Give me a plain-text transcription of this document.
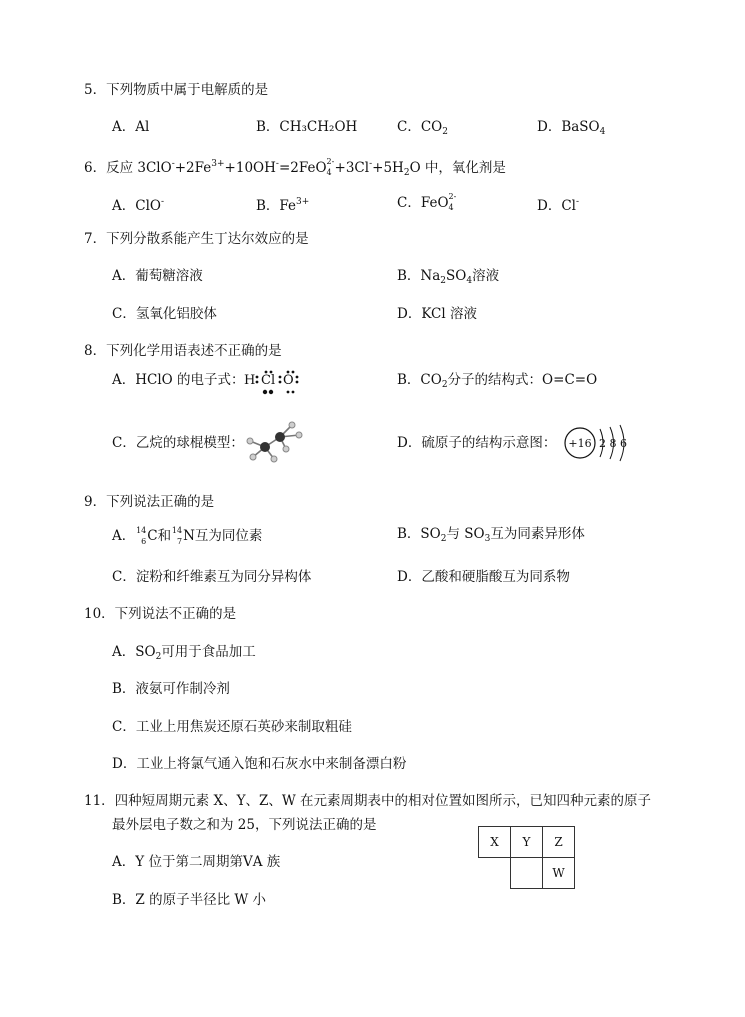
5．下列物质中属于电解质的是
A．Al	B．CH₃CH₂OH	C．$CO_2$	D．BaSO$_4$
6．反应 $3ClO^-+2Fe^{3+}+10OH^-=2FeO$ 2-
$4 +3Cl^-+5H_2O$ 中，氧化剂是
A．ClO-	B．$Fe^{3+}$	C．FeO 2-
4	D．Cl-
7．下列分散系能产生丁达尔效应的是
A．葡萄糖溶液	B．$Na_2SO_4$溶液
C．氢氧化铝胶体	D．KCl 溶液
8．下列化学用语表述不正确的是
A．HClO 的电子式： H Cl O	B．$CO_2$分子的结构式：O=C=O
C．乙烷的球棍模型：	D．硫原子的结构示意图： +16 2 8 6
9．下列说法正确的是
A． 14
6 C和 14
7 N互为同位素	B．$SO_2$与 $SO_3$互为同素异形体
C．淀粉和纤维素互为同分异构体	D．乙酸和硬脂酸互为同系物
10．下列说法不正确的是
A．$SO_2$可用于食品加工
B．液氨可作制冷剂
C．工业上用焦炭还原石英砂来制取粗硅
D．工业上将氯气通入饱和石灰水中来制备漂白粉
11．四种短周期元素 X、Y、Z、W 在元素周期表中的相对位置如图所示，已知四种元素的原子
最外层电子数之和为 25，下列说法正确的是
A．Y 位于第二周期第ⅤA 族
B．Z 的原子半径比 W 小
X	Y	Z
		W
